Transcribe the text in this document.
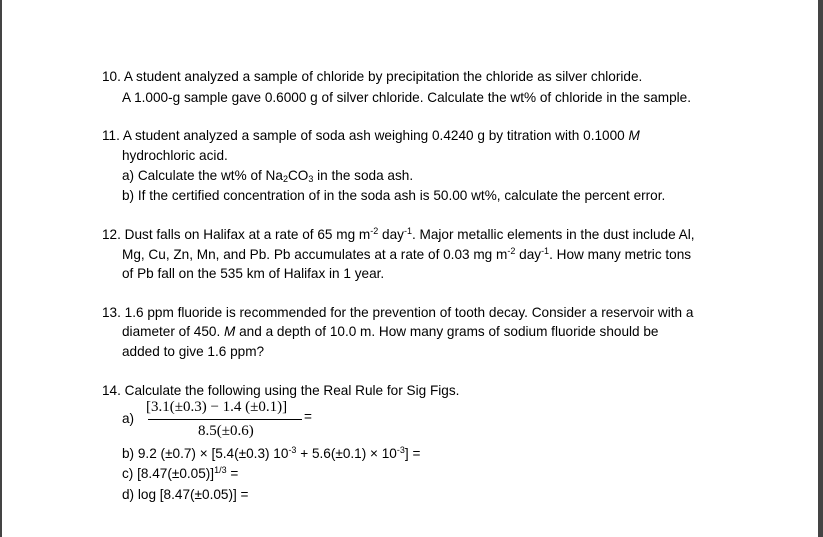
10. A student analyzed a sample of chloride by precipitation the chloride as silver chloride.
A 1.000-g sample gave 0.6000 g of silver chloride. Calculate the wt% of chloride in the sample.
11. A student analyzed a sample of soda ash weighing 0.4240 g by titration with 0.1000 M
hydrochloric acid.
a) Calculate the wt% of $Na_2CO_3$ in the soda ash.
b) If the certified concentration of in the soda ash is 50.00 wt%, calculate the percent error.
12. Dust falls on Halifax at a rate of 65 mg $m^{-2}$ day$^{-1}$. Major metallic elements in the dust include Al,
Mg, Cu, Zn, Mn, and Pb. Pb accumulates at a rate of 0.03 mg $m^{-2}$ day$^{-1}$. How many metric tons
of Pb fall on the 535 km of Halifax in 1 year.
13. 1.6 ppm fluoride is recommended for the prevention of tooth decay. Consider a reservoir with a
diameter of 450. M and a depth of 10.0 m. How many grams of sodium fluoride should be
added to give 1.6 ppm?
14. Calculate the following using the Real Rule for Sig Figs.
a)
[3.1(±0.3) − 1.4 (±0.1)]
8.5(±0.6)
=
b) 9.2 (±0.7) × [5.4(±0.3) $10^{-3} + 5.6(\pm 0.1) \times 10^{-3}$] =
c) $[8.47(\pm 0.05)]^{1/3}$ =
d) log [8.47(±0.05)] =
